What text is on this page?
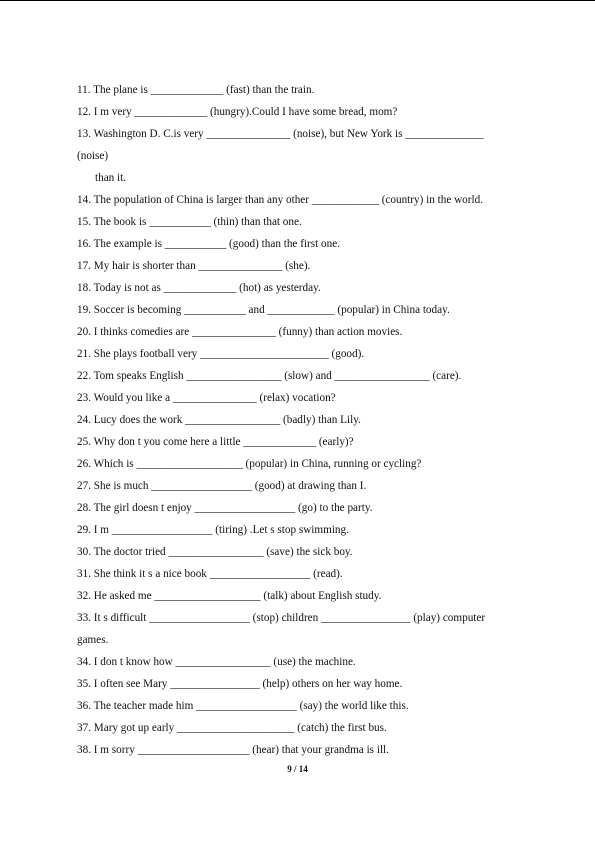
11. The plane is _____________ (fast) than the train.
12. I m very _____________ (hungry).Could I have some bread, mom?
13. Washington D. C.is very _______________ (noise), but New York is ______________
(noise)
than it.
14. The population of China is larger than any other ____________ (country) in the world.
15. The book is ___________ (thin) than that one.
16. The example is ___________ (good) than the first one.
17. My hair is shorter than _______________ (she).
18. Today is not as _____________ (hot) as yesterday.
19. Soccer is becoming ___________ and ____________ (popular) in China today.
20. I thinks comedies are _______________ (funny) than action movies.
21. She plays football very _______________________ (good).
22. Tom speaks English _________________ (slow) and _________________ (care).
23. Would you like a _______________ (relax) vocation?
24. Lucy does the work _________________ (badly) than Lily.
25. Why don t you come here a little _____________ (early)?
26. Which is ___________________ (popular) in China, running or cycling?
27. She is much __________________ (good) at drawing than I.
28. The girl doesn t enjoy __________________ (go) to the party.
29. I m __________________ (tiring) .Let s stop swimming.
30. The doctor tried _________________ (save) the sick boy.
31. She think it s a nice book __________________ (read).
32. He asked me ___________________ (talk) about English study.
33. It s difficult __________________ (stop) children ________________ (play) computer
games.
34. I don t know how _________________ (use) the machine.
35. I often see Mary ________________ (help) others on her way home.
36. The teacher made him __________________ (say) the world like this.
37. Mary got up early _____________________ (catch) the first bus.
38. I m sorry ____________________ (hear) that your grandma is ill.
9 / 14
